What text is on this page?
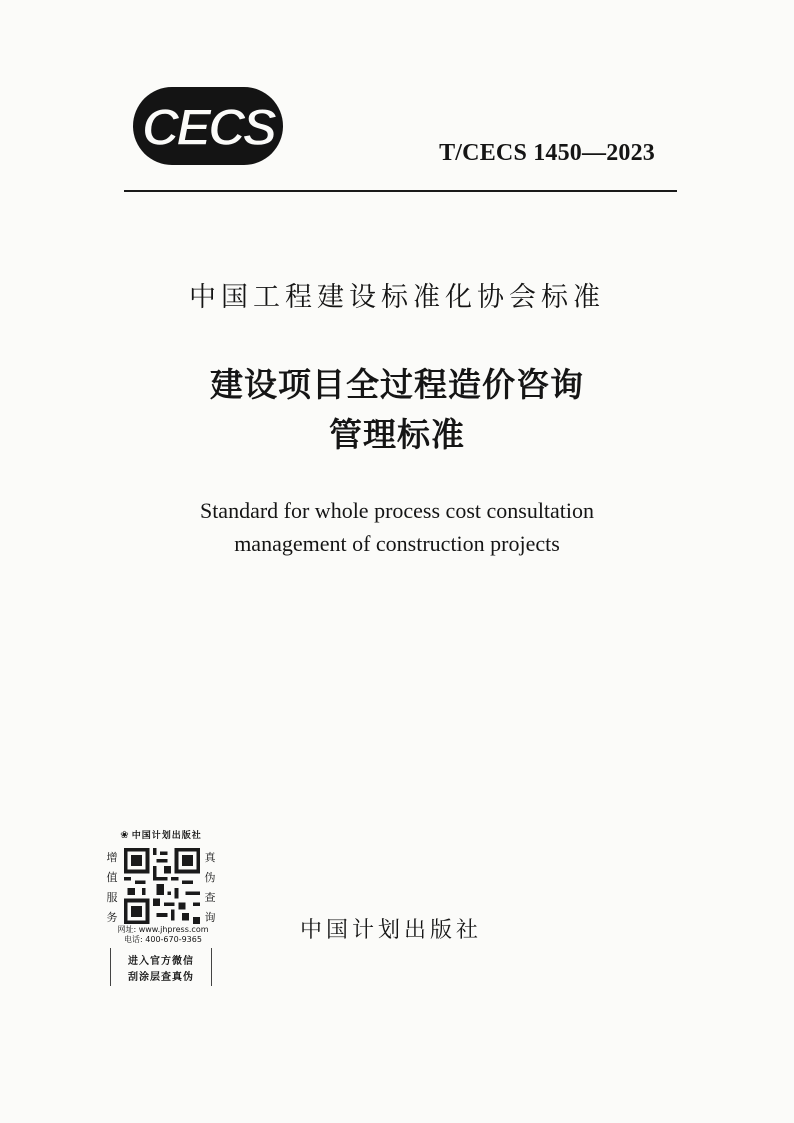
CECS	T/CECS 1450—2023
中国工程建设标准化协会标准
建设项目全过程造价咨询
管理标准
Standard for whole process cost consultation
management of construction projects
❀ 中国计划出版社
增
值
服
务
真
伪
查
询
网址: www.jhpress.com
电话: 400-670-9365
进入官方微信
刮涂层查真伪
中国计划出版社
